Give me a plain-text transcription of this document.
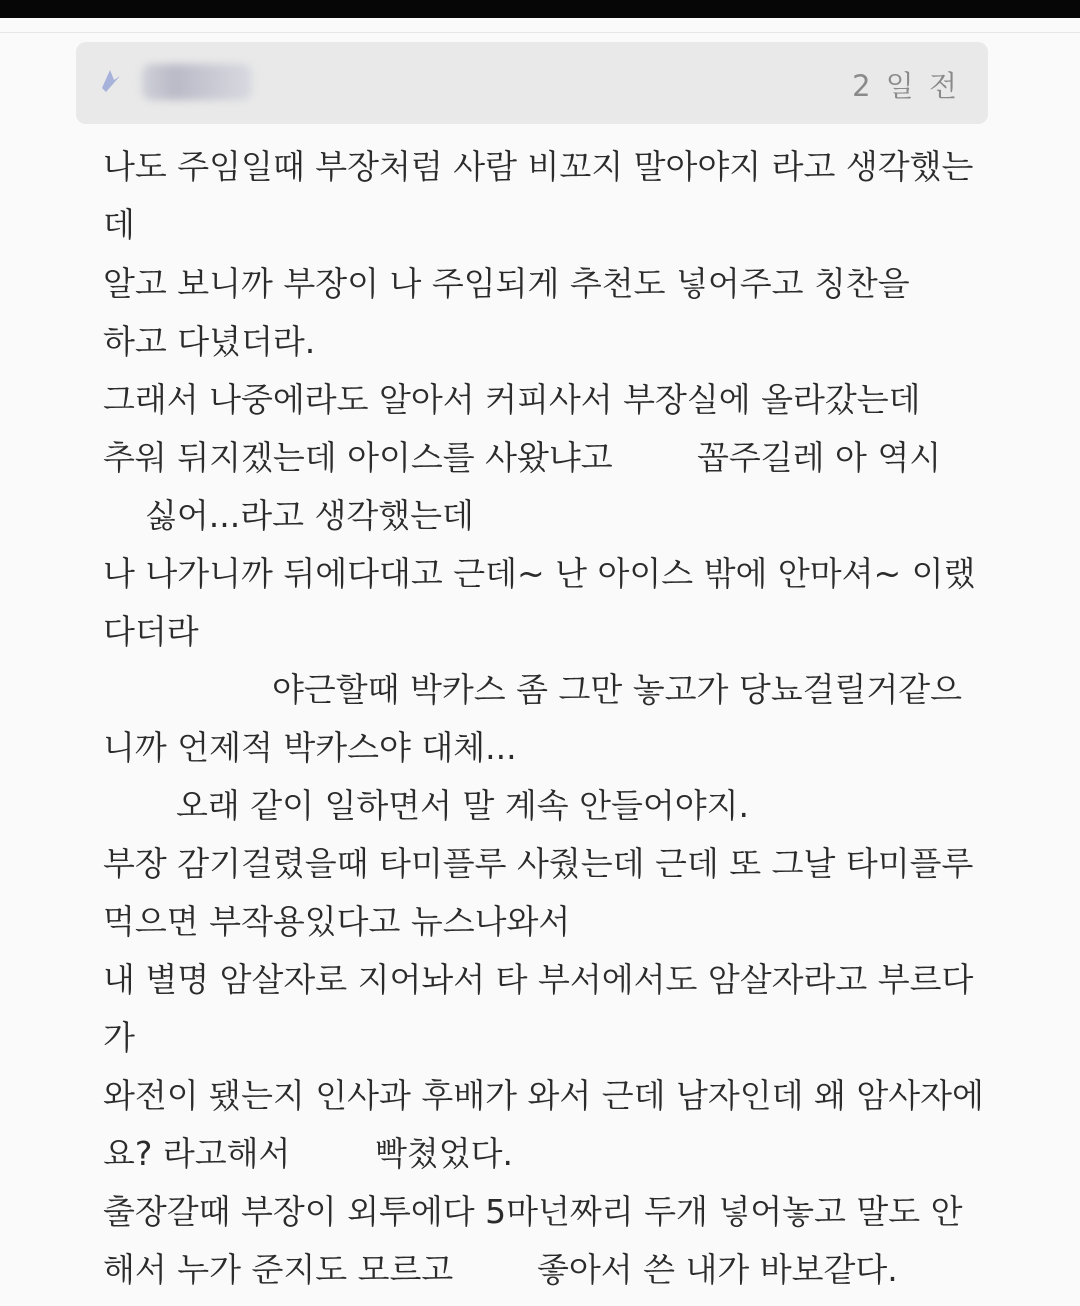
2 일 전
나도 주임일때 부장처럼 사람 비꼬지 말아야지 라고 생각했는
데
알고 보니까 부장이 나 주임되게 추천도 넣어주고 칭찬을
하고 다녔더라.
그래서 나중에라도 알아서 커피사서 부장실에 올라갔는데
추워 뒤지겠는데 아이스를 사왔냐고	꼽주길레 아 역시
싫어...라고 생각했는데
나 나가니까 뒤에다대고 근데~ 난 아이스 밖에 안마셔~ 이랬
다더라
야근할때 박카스 좀 그만 놓고가 당뇨걸릴거같으
니까 언제적 박카스야 대체...
오래 같이 일하면서 말 계속 안들어야지.
부장 감기걸렸을때 타미플루 사줬는데 근데 또 그날 타미플루
먹으면 부작용있다고 뉴스나와서
내 별명 암살자로 지어놔서 타 부서에서도 암살자라고 부르다
가
와전이 됐는지 인사과 후배가 와서 근데 남자인데 왜 암사자에
요? 라고해서	빡쳤었다.
출장갈때 부장이 외투에다 5마넌짜리 두개 넣어놓고 말도 안
해서 누가 준지도 모르고	좋아서 쓴 내가 바보같다.
